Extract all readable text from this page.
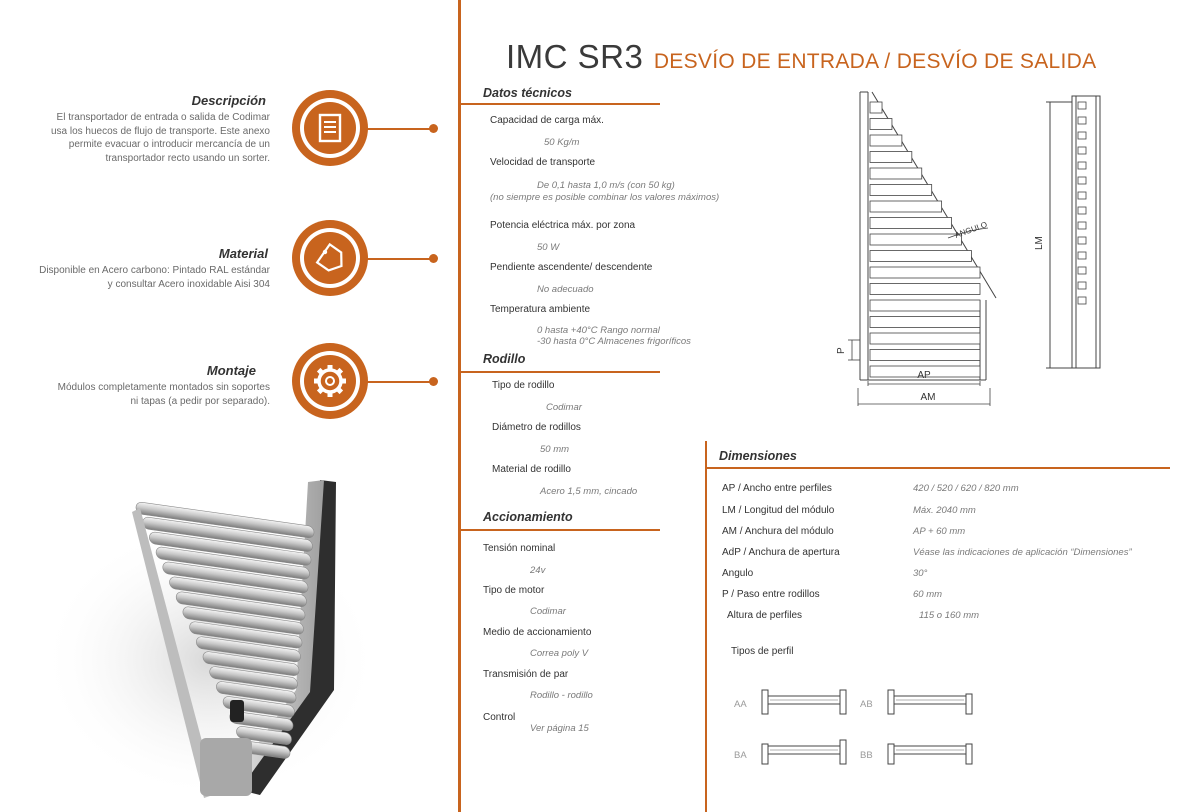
IMC SR3 DESVÍO DE ENTRADA / DESVÍO DE SALIDA
Descripción
El transportador de entrada o salida de Codimar
usa los huecos de flujo de transporte. Este anexo
permite evacuar o introducir mercancía de un
transportador recto usando un sorter.
Material
Disponible en Acero carbono: Pintado RAL estándar
y consultar Acero inoxidable Aisi 304
Montaje
Módulos completamente montados sin soportes
ni tapas (a pedir por separado).
Datos técnicos
Capacidad de carga máx.
50 Kg/m
Velocidad de transporte
De 0,1 hasta 1,0 m/s (con 50 kg)
(no siempre es posible combinar los valores máximos)
Potencia eléctrica máx. por zona
50 W
Pendiente ascendente/ descendente
No adecuado
Temperatura ambiente
0 hasta +40°C Rango normal
-30 hasta 0°C Almacenes frigoríficos
Rodillo
Tipo de rodillo
Codimar
Diámetro de rodillos
50 mm
Material de rodillo
Acero 1,5 mm, cincado
Accionamiento
Tensión nominal
24v
Tipo de motor
Codimar
Medio de accionamiento
Correa poly V
Transmisión de par
Rodillo - rodillo
Control
Ver página 15
Dimensiones
AP / Ancho entre perfiles	420 / 520 / 620 / 820 mm
LM / Longitud del módulo	Máx. 2040 mm
AM / Anchura del módulo	AP + 60 mm
AdP / Anchura de apertura	Véase las indicaciones de aplicación “Dimensiones”
Angulo	30°
P / Paso entre rodillos	60 mm
Altura de perfiles	115 o 160 mm
Tipos de perfil
AA	AB
BA	BB
P
AP
AM
ANGULO
LM
